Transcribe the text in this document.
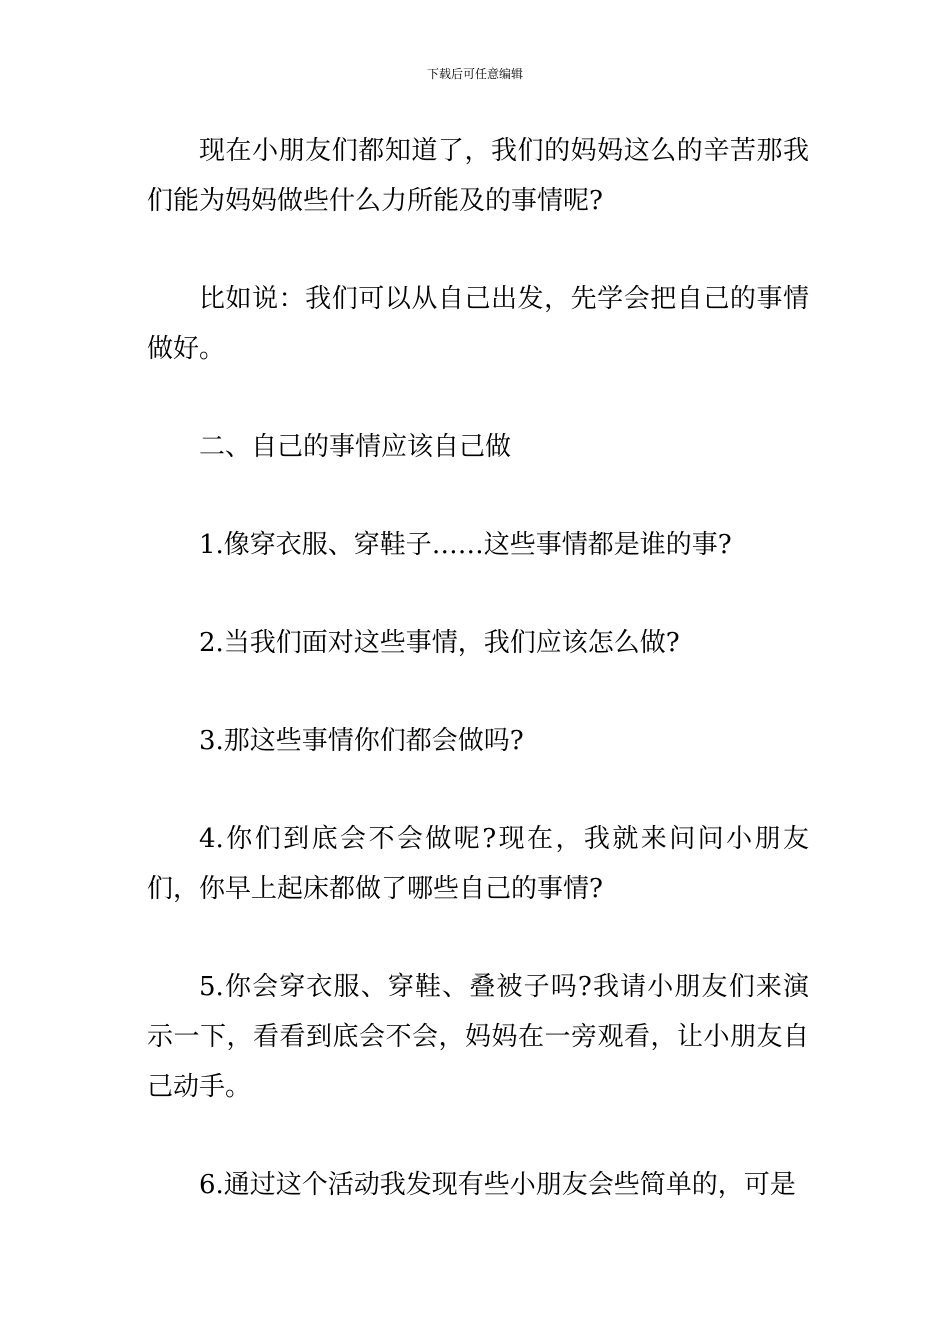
下载后可任意编辑

现在小朋友们都知道了，我们的妈妈这么的辛苦那我们能为妈妈做些什么力所能及的事情呢?

比如说：我们可以从自己出发，先学会把自己的事情做好。

二、自己的事情应该自己做

1.像穿衣服、穿鞋子……这些事情都是谁的事?

2.当我们面对这些事情，我们应该怎么做?

3.那这些事情你们都会做吗?

4.你们到底会不会做呢?现在，我就来问问小朋友们，你早上起床都做了哪些自己的事情?

5.你会穿衣服、穿鞋、叠被子吗?我请小朋友们来演示一下，看看到底会不会，妈妈在一旁观看，让小朋友自己动手。

6.通过这个活动我发现有些小朋友会些简单的，可是
